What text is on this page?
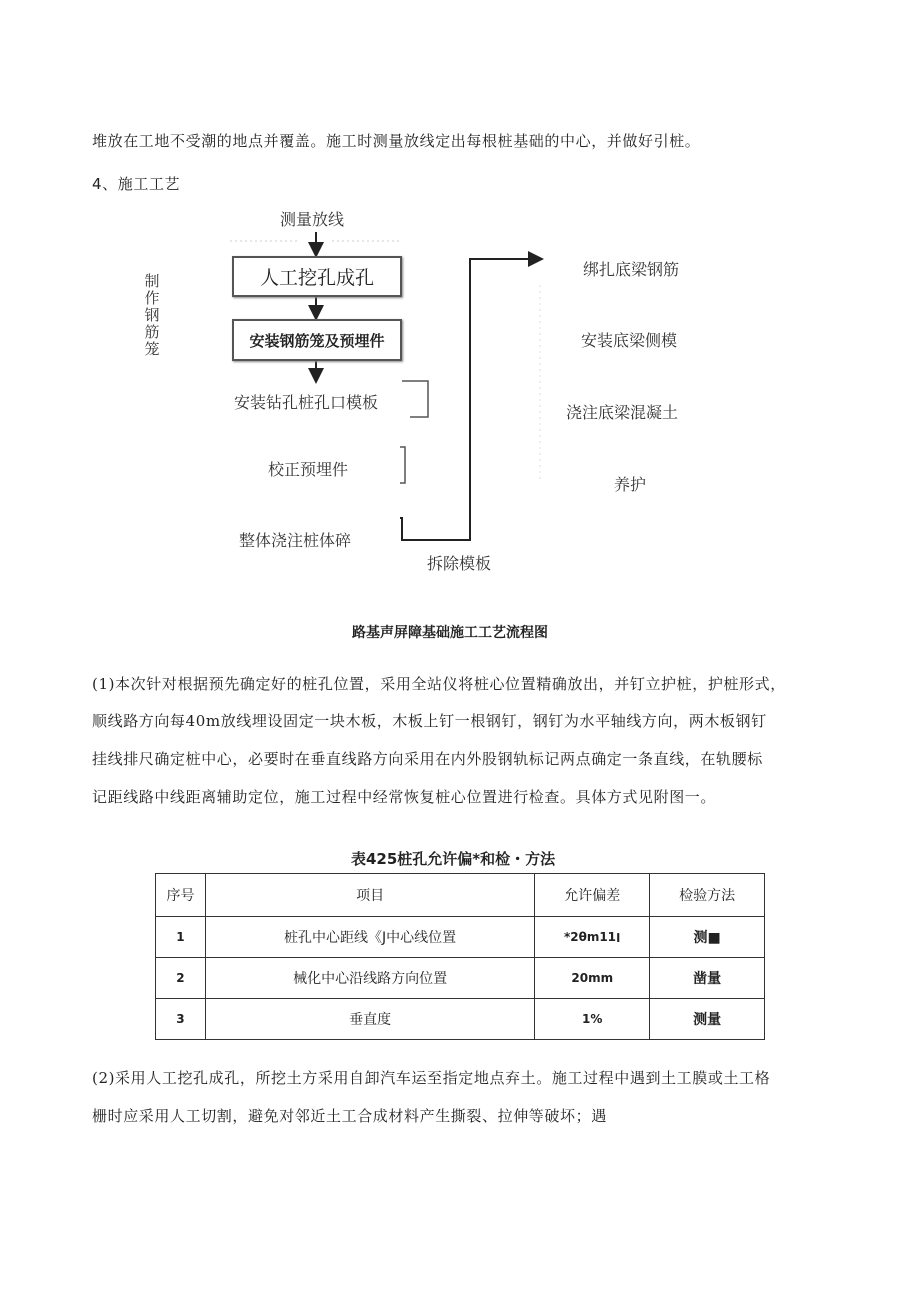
堆放在工地不受潮的地点并覆盖。施工时测量放线定出每根桩基础的中心，并做好引桩。
4、施工工艺
测量放线
人工挖孔成孔
安装钢筋笼及预埋件
安装钻孔桩孔口模板
校正预埋件
整体浇注桩体碎
拆除模板
制
作
钢
筋
笼
绑扎底梁钢筋
安装底梁侧模
浇注底梁混凝土
养护
路基声屏障基础施工工艺流程图
(1)本次针对根据预先确定好的桩孔位置，采用全站仪将桩心位置精确放出，并钉立护桩，护桩形式，
顺线路方向每40m放线埋设固定一块木板，木板上钉一根钢钉，钢钉为水平轴线方向，两木板钢钉
挂线排尺确定桩中心，必要时在垂直线路方向采用在内外股钢轨标记两点确定一条直线，在轨腰标
记距线路中线距离辅助定位，施工过程中经常恢复桩心位置进行检查。具体方式见附图一。
表425桩孔允许偏*和检・方法
序号	项目	允许偏差	检验方法
1	桩孔中心距线《J中心线位置	*2θm11׀	测■
2	械化中心沿线路方向位置	20mm	凿量
3	垂直度	1%	测量
(2)采用人工挖孔成孔，所挖土方采用自卸汽车运至指定地点弃土。施工过程中遇到土工膜或土工格
栅时应采用人工切割，避免对邻近土工合成材料产生撕裂、拉伸等破坏；遇
